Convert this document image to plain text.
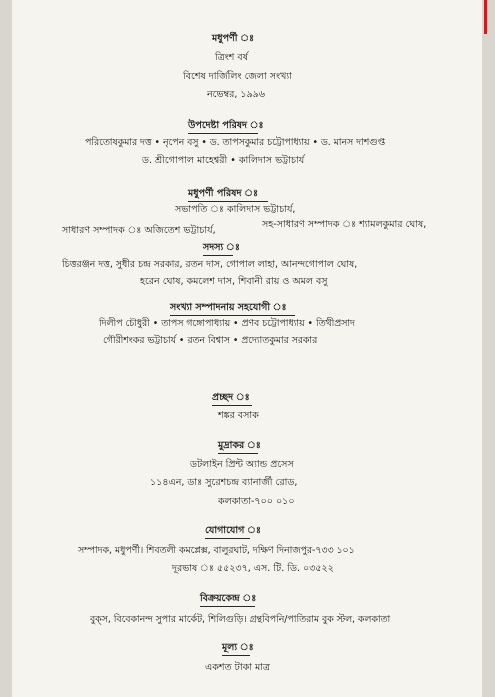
মধুপর্ণী ঃ
ত্রিংশ বর্ষ
বিশেষ দার্জিলিং জেলা সংখ্যা
নভেম্বর, ১৯৯৬
উপদেষ্টা পরিষদ ঃ
পরিতোষকুমার দত্ত • নৃপেন বসু • ড. তাপসকুমার চট্টোপাধ্যায় • ড. মানস দাশগুপ্ত
ড. শ্রীগোপাল মাহেশ্বরী • কালিদাস ভট্টাচার্য
মধুপর্ণী পরিষদ ঃ
সভাপতি ঃ কালিদাস ভট্টাচার্য,
সাধারণ সম্পাদক ঃ অজিতেশ ভট্টাচার্য,
সহ-সাধারণ সম্পাদক ঃ শ্যামলকুমার ঘোষ,
সদস্য ঃ
চিত্তরঞ্জন দত্ত, সুধীর চন্দ্র সরকার, রতন দাস, গোপাল লাহা, আনন্দগোপাল ঘোষ,
হরেন ঘোষ, কমলেশ দাস, শিবানী রায় ও অমল বসু
সংখ্যা সম্পাদনায় সহযোগী ঃ
দিলীপ চৌধুরী • তাপস গঙ্গোপাধ্যায় • প্রণব চট্টোপাধ্যায় • তিথীপ্রসাদ
গৌরীশংকর ভট্টাচার্য • রতন বিশ্বাস • প্রদ্যোতকুমার সরকার
প্রচ্ছদ ঃ
শঙ্কর বসাক
মুদ্রাকর ঃ
ডটলাইন প্রিন্ট অ্যান্ড প্রসেস
১১৪এন, ডাঃ সুরেশচন্দ্র ব্যানার্জী রোড,
কলকাতা-৭০০ ০১০
যোগাযোগ ঃ
সম্পাদক, মধুপর্ণী। শিবতলী কমপ্লেক্স, বালুরঘাট, দক্ষিণ দিনাজপুর-৭৩৩ ১০১
দূরভাষ ঃ ৫৫২৩৭, এস. টি. ডি. ০৩৫২২
বিক্রয়কেন্দ্র ঃ
বুক্‌স, বিবেকানন্দ সুপার মার্কেট, শিলিগুড়ি। গ্রন্থবিপনি/পাতিরাম বুক স্টল, কলকাতা
মূল্য ঃ
একশত টাকা মাত্র
